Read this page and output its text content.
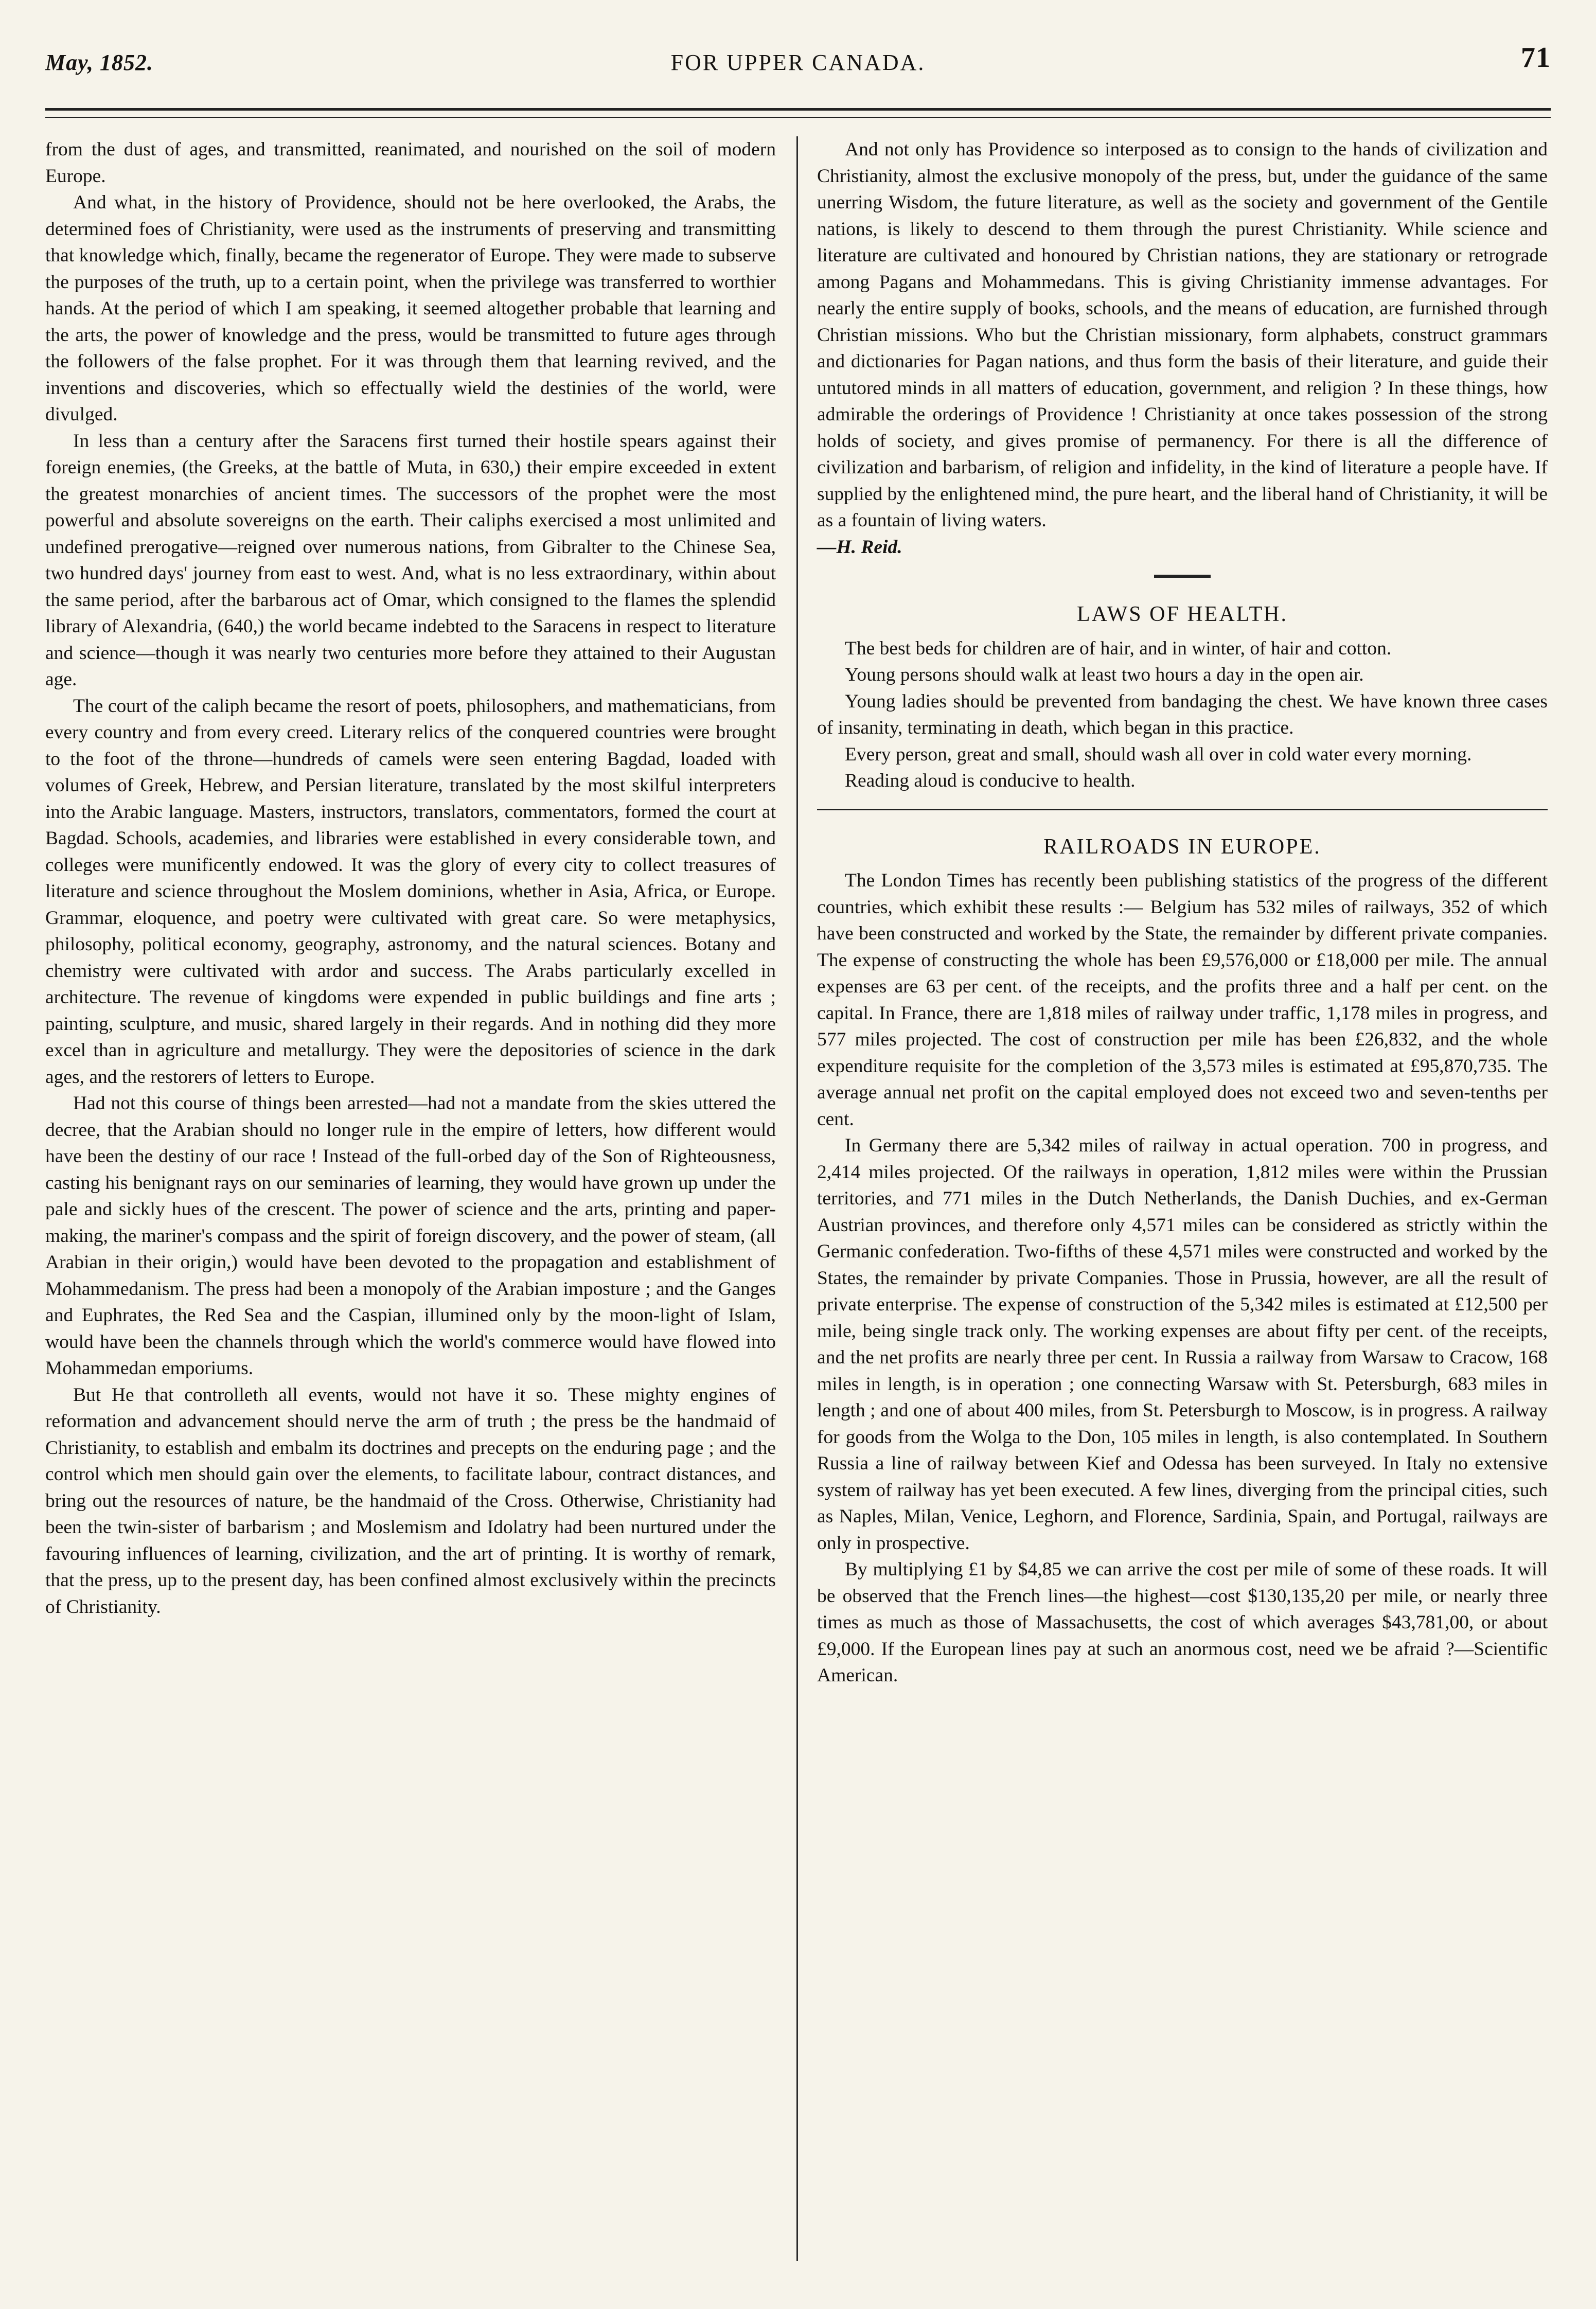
May, 1852.	FOR UPPER CANADA.	71

from the dust of ages, and transmitted, reanimated, and nourished on the soil of modern Europe.

And what, in the history of Providence, should not be here overlooked, the Arabs, the determined foes of Christianity, were used as the instruments of preserving and transmitting that knowledge which, finally, became the regenerator of Europe. They were made to subserve the purposes of the truth, up to a certain point, when the privilege was transferred to worthier hands. At the period of which I am speaking, it seemed altogether probable that learning and the arts, the power of knowledge and the press, would be transmitted to future ages through the followers of the false prophet. For it was through them that learning revived, and the inventions and discoveries, which so effectually wield the destinies of the world, were divulged.

In less than a century after the Saracens first turned their hostile spears against their foreign enemies, (the Greeks, at the battle of Muta, in 630,) their empire exceeded in extent the greatest monarchies of ancient times. The successors of the prophet were the most powerful and absolute sovereigns on the earth. Their caliphs exercised a most unlimited and undefined prerogative—reigned over numerous nations, from Gibralter to the Chinese Sea, two hundred days' journey from east to west. And, what is no less extraordinary, within about the same period, after the barbarous act of Omar, which consigned to the flames the splendid library of Alexandria, (640,) the world became indebted to the Saracens in respect to literature and science—though it was nearly two centuries more before they attained to their Augustan age.

The court of the caliph became the resort of poets, philosophers, and mathematicians, from every country and from every creed. Literary relics of the conquered countries were brought to the foot of the throne—hundreds of camels were seen entering Bagdad, loaded with volumes of Greek, Hebrew, and Persian literature, translated by the most skilful interpreters into the Arabic language. Masters, instructors, translators, commentators, formed the court at Bagdad. Schools, academies, and libraries were established in every considerable town, and colleges were munificently endowed. It was the glory of every city to collect treasures of literature and science throughout the Moslem dominions, whether in Asia, Africa, or Europe. Grammar, eloquence, and poetry were cultivated with great care. So were metaphysics, philosophy, political economy, geography, astronomy, and the natural sciences. Botany and chemistry were cultivated with ardor and success. The Arabs particularly excelled in architecture. The revenue of kingdoms were expended in public buildings and fine arts ; painting, sculpture, and music, shared largely in their regards. And in nothing did they more excel than in agriculture and metallurgy. They were the depositories of science in the dark ages, and the restorers of letters to Europe.

Had not this course of things been arrested—had not a mandate from the skies uttered the decree, that the Arabian should no longer rule in the empire of letters, how different would have been the destiny of our race ! Instead of the full-orbed day of the Son of Righteousness, casting his benignant rays on our seminaries of learning, they would have grown up under the pale and sickly hues of the crescent. The power of science and the arts, printing and paper-making, the mariner's compass and the spirit of foreign discovery, and the power of steam, (all Arabian in their origin,) would have been devoted to the propagation and establishment of Mohammedanism. The press had been a monopoly of the Arabian imposture ; and the Ganges and Euphrates, the Red Sea and the Caspian, illumined only by the moon-light of Islam, would have been the channels through which the world's commerce would have flowed into Mohammedan emporiums.

But He that controlleth all events, would not have it so. These mighty engines of reformation and advancement should nerve the arm of truth ; the press be the handmaid of Christianity, to establish and embalm its doctrines and precepts on the enduring page ; and the control which men should gain over the elements, to facilitate labour, contract distances, and bring out the resources of nature, be the handmaid of the Cross. Otherwise, Christianity had been the twin-sister of barbarism ; and Moslemism and Idolatry had been nurtured under the favouring influences of learning, civilization, and the art of printing. It is worthy of remark, that the press, up to the present day, has been confined almost exclusively within the precincts of Christianity.

And not only has Providence so interposed as to consign to the hands of civilization and Christianity, almost the exclusive monopoly of the press, but, under the guidance of the same unerring Wisdom, the future literature, as well as the society and government of the Gentile nations, is likely to descend to them through the purest Christianity. While science and literature are cultivated and honoured by Christian nations, they are stationary or retrograde among Pagans and Mohammedans. This is giving Christianity immense advantages. For nearly the entire supply of books, schools, and the means of education, are furnished through Christian missions. Who but the Christian missionary, form alphabets, construct grammars and dictionaries for Pagan nations, and thus form the basis of their literature, and guide their untutored minds in all matters of education, government, and religion ? In these things, how admirable the orderings of Providence ! Christianity at once takes possession of the strong holds of society, and gives promise of permanency. For there is all the difference of civilization and barbarism, of religion and infidelity, in the kind of literature a people have. If supplied by the enlightened mind, the pure heart, and the liberal hand of Christianity, it will be as a fountain of living waters.

—H. Reid.

LAWS OF HEALTH.

The best beds for children are of hair, and in winter, of hair and cotton.

Young persons should walk at least two hours a day in the open air.

Young ladies should be prevented from bandaging the chest. We have known three cases of insanity, terminating in death, which began in this practice.

Every person, great and small, should wash all over in cold water every morning.

Reading aloud is conducive to health.

RAILROADS IN EUROPE.

The London Times has recently been publishing statistics of the progress of the different countries, which exhibit these results :— Belgium has 532 miles of railways, 352 of which have been constructed and worked by the State, the remainder by different private companies. The expense of constructing the whole has been £9,576,000 or £18,000 per mile. The annual expenses are 63 per cent. of the receipts, and the profits three and a half per cent. on the capital. In France, there are 1,818 miles of railway under traffic, 1,178 miles in progress, and 577 miles projected. The cost of construction per mile has been £26,832, and the whole expenditure requisite for the completion of the 3,573 miles is estimated at £95,870,735. The average annual net profit on the capital employed does not exceed two and seven-tenths per cent.

In Germany there are 5,342 miles of railway in actual operation. 700 in progress, and 2,414 miles projected. Of the railways in operation, 1,812 miles were within the Prussian territories, and 771 miles in the Dutch Netherlands, the Danish Duchies, and ex-German Austrian provinces, and therefore only 4,571 miles can be considered as strictly within the Germanic confederation. Two-fifths of these 4,571 miles were constructed and worked by the States, the remainder by private Companies. Those in Prussia, however, are all the result of private enterprise. The expense of construction of the 5,342 miles is estimated at £12,500 per mile, being single track only. The working expenses are about fifty per cent. of the receipts, and the net profits are nearly three per cent. In Russia a railway from Warsaw to Cracow, 168 miles in length, is in operation ; one connecting Warsaw with St. Petersburgh, 683 miles in length ; and one of about 400 miles, from St. Petersburgh to Moscow, is in progress. A railway for goods from the Wolga to the Don, 105 miles in length, is also contemplated. In Southern Russia a line of railway between Kief and Odessa has been surveyed. In Italy no extensive system of railway has yet been executed. A few lines, diverging from the principal cities, such as Naples, Milan, Venice, Leghorn, and Florence, Sardinia, Spain, and Portugal, railways are only in prospective.

By multiplying £1 by $4,85 we can arrive the cost per mile of some of these roads. It will be observed that the French lines—the highest—cost $130,135,20 per mile, or nearly three times as much as those of Massachusetts, the cost of which averages $43,781,00, or about £9,000. If the European lines pay at such an anormous cost, need we be afraid ?—Scientific American.
